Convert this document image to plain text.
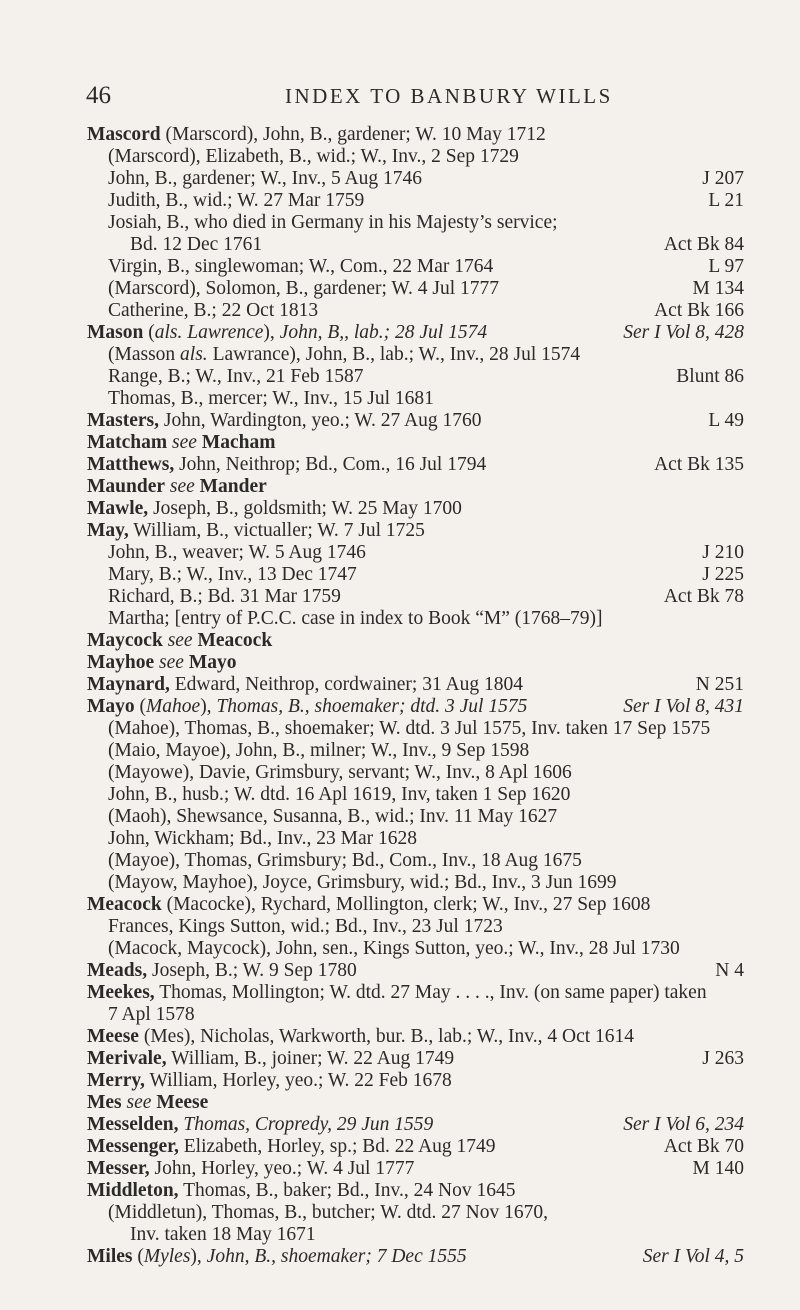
46	INDEX TO BANBURY WILLS
Mascord (Marscord), John, B., gardener; W. 10 May 1712
(Marscord), Elizabeth, B., wid.; W., Inv., 2 Sep 1729
John, B., gardener; W., Inv., 5 Aug 1746	J 207
Judith, B., wid.; W. 27 Mar 1759	L 21
Josiah, B., who died in Germany in his Majesty’s service;
Bd. 12 Dec 1761	Act Bk 84
Virgin, B., singlewoman; W., Com., 22 Mar 1764	L 97
(Marscord), Solomon, B., gardener; W. 4 Jul 1777	M 134
Catherine, B.; 22 Oct 1813	Act Bk 166
Mason (als. Lawrence), John, B,, lab.; 28 Jul 1574	Ser I Vol 8, 428
(Masson als. Lawrance), John, B., lab.; W., Inv., 28 Jul 1574
Range, B.; W., Inv., 21 Feb 1587	Blunt 86
Thomas, B., mercer; W., Inv., 15 Jul 1681
Masters, John, Wardington, yeo.; W. 27 Aug 1760	L 49
Matcham see Macham
Matthews, John, Neithrop; Bd., Com., 16 Jul 1794	Act Bk 135
Maunder see Mander
Mawle, Joseph, B., goldsmith; W. 25 May 1700
May, William, B., victualler; W. 7 Jul 1725
John, B., weaver; W. 5 Aug 1746	J 210
Mary, B.; W., Inv., 13 Dec 1747	J 225
Richard, B.; Bd. 31 Mar 1759	Act Bk 78
Martha; [entry of P.C.C. case in index to Book “M” (1768–79)]
Maycock see Meacock
Mayhoe see Mayo
Maynard, Edward, Neithrop, cordwainer; 31 Aug 1804	N 251
Mayo (Mahoe), Thomas, B., shoemaker; dtd. 3 Jul 1575	Ser I Vol 8, 431
(Mahoe), Thomas, B., shoemaker; W. dtd. 3 Jul 1575, Inv. taken 17 Sep 1575
(Maio, Mayoe), John, B., milner; W., Inv., 9 Sep 1598
(Mayowe), Davie, Grimsbury, servant; W., Inv., 8 Apl 1606
John, B., husb.; W. dtd. 16 Apl 1619, Inv, taken 1 Sep 1620
(Maoh), Shewsance, Susanna, B., wid.; Inv. 11 May 1627
John, Wickham; Bd., Inv., 23 Mar 1628
(Mayoe), Thomas, Grimsbury; Bd., Com., Inv., 18 Aug 1675
(Mayow, Mayhoe), Joyce, Grimsbury, wid.; Bd., Inv., 3 Jun 1699
Meacock (Macocke), Rychard, Mollington, clerk; W., Inv., 27 Sep 1608
Frances, Kings Sutton, wid.; Bd., Inv., 23 Jul 1723
(Macock, Maycock), John, sen., Kings Sutton, yeo.; W., Inv., 28 Jul 1730
Meads, Joseph, B.; W. 9 Sep 1780	N 4
Meekes, Thomas, Mollington; W. dtd. 27 May . . . ., Inv. (on same paper) taken
7 Apl 1578
Meese (Mes), Nicholas, Warkworth, bur. B., lab.; W., Inv., 4 Oct 1614
Merivale, William, B., joiner; W. 22 Aug 1749	J 263
Merry, William, Horley, yeo.; W. 22 Feb 1678
Mes see Meese
Messelden, Thomas, Cropredy, 29 Jun 1559	Ser I Vol 6, 234
Messenger, Elizabeth, Horley, sp.; Bd. 22 Aug 1749	Act Bk 70
Messer, John, Horley, yeo.; W. 4 Jul 1777	M 140
Middleton, Thomas, B., baker; Bd., Inv., 24 Nov 1645
(Middletun), Thomas, B., butcher; W. dtd. 27 Nov 1670,
Inv. taken 18 May 1671
Miles (Myles), John, B., shoemaker; 7 Dec 1555	Ser I Vol 4, 5
